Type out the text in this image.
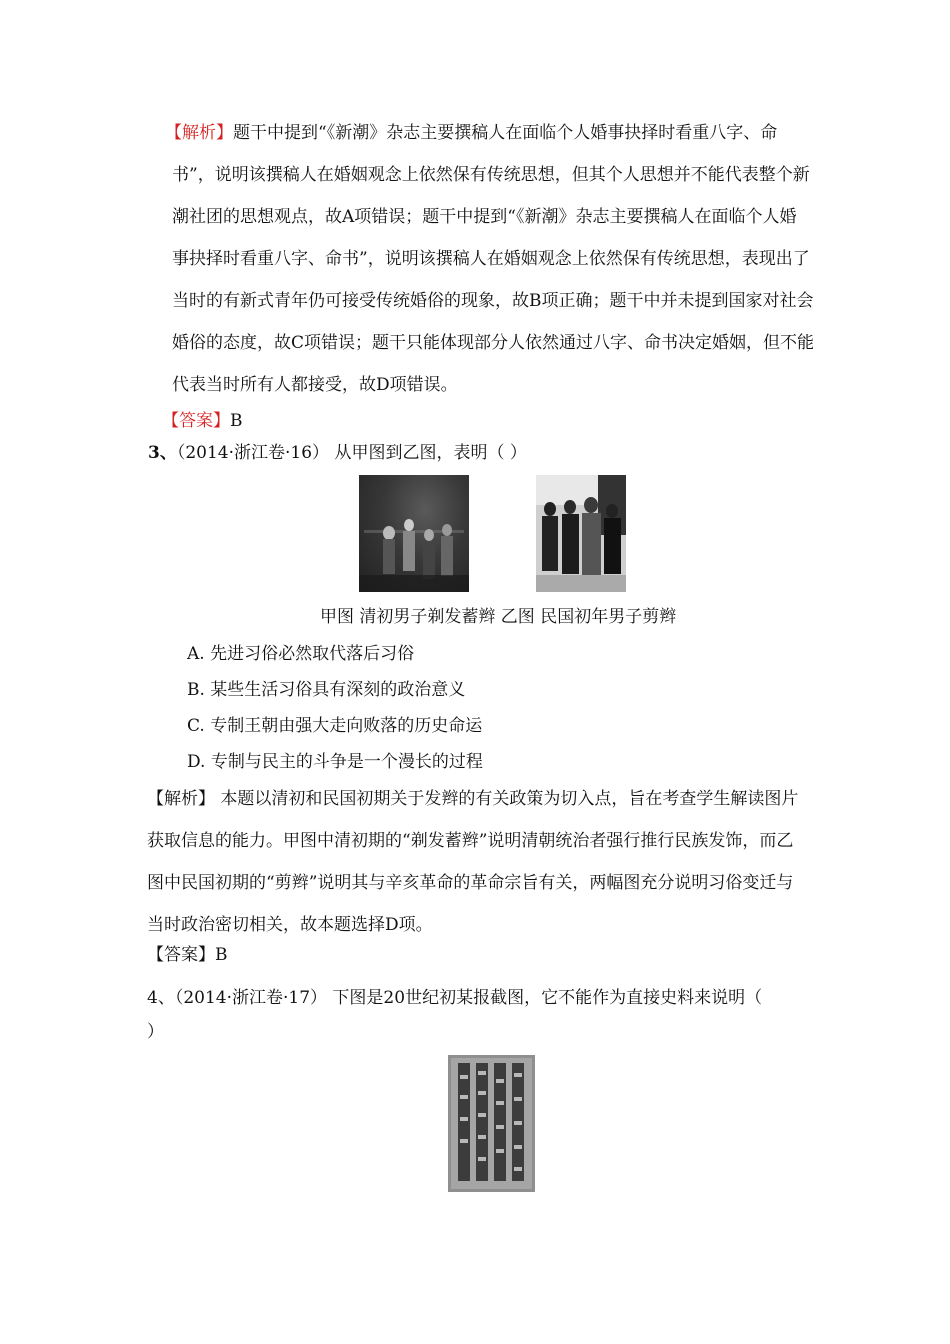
【解析】题干中提到“《新潮》杂志主要撰稿人在面临个人婚事抉择时看重八字、命
书”，说明该撰稿人在婚姻观念上依然保有传统思想，但其个人思想并不能代表整个新
潮社团的思想观点，故A项错误；题干中提到“《新潮》杂志主要撰稿人在面临个人婚
事抉择时看重八字、命书”，说明该撰稿人在婚姻观念上依然保有传统思想，表现出了
当时的有新式青年仍可接受传统婚俗的现象，故B项正确；题干中并未提到国家对社会
婚俗的态度，故C项错误；题干只能体现部分人依然通过八字、命书决定婚姻，但不能
代表当时所有人都接受，故D项错误。
【答案】B
3、（2014·浙江卷·16） 从甲图到乙图，表明（ ）
甲图 清初男子剃发蓄辫 乙图 民国初年男子剪辫
A. 先进习俗必然取代落后习俗
B. 某些生活习俗具有深刻的政治意义
C. 专制王朝由强大走向败落的历史命运
D. 专制与民主的斗争是一个漫长的过程
【解析】 本题以清初和民国初期关于发辫的有关政策为切入点，旨在考查学生解读图片
获取信息的能力。甲图中清初期的“剃发蓄辫”说明清朝统治者强行推行民族发饰，而乙
图中民国初期的“剪辫”说明其与辛亥革命的革命宗旨有关，两幅图充分说明习俗变迁与
当时政治密切相关，故本题选择D项。
【答案】B
4、（2014·浙江卷·17） 下图是20世纪初某报截图，它不能作为直接史料来说明（
）
